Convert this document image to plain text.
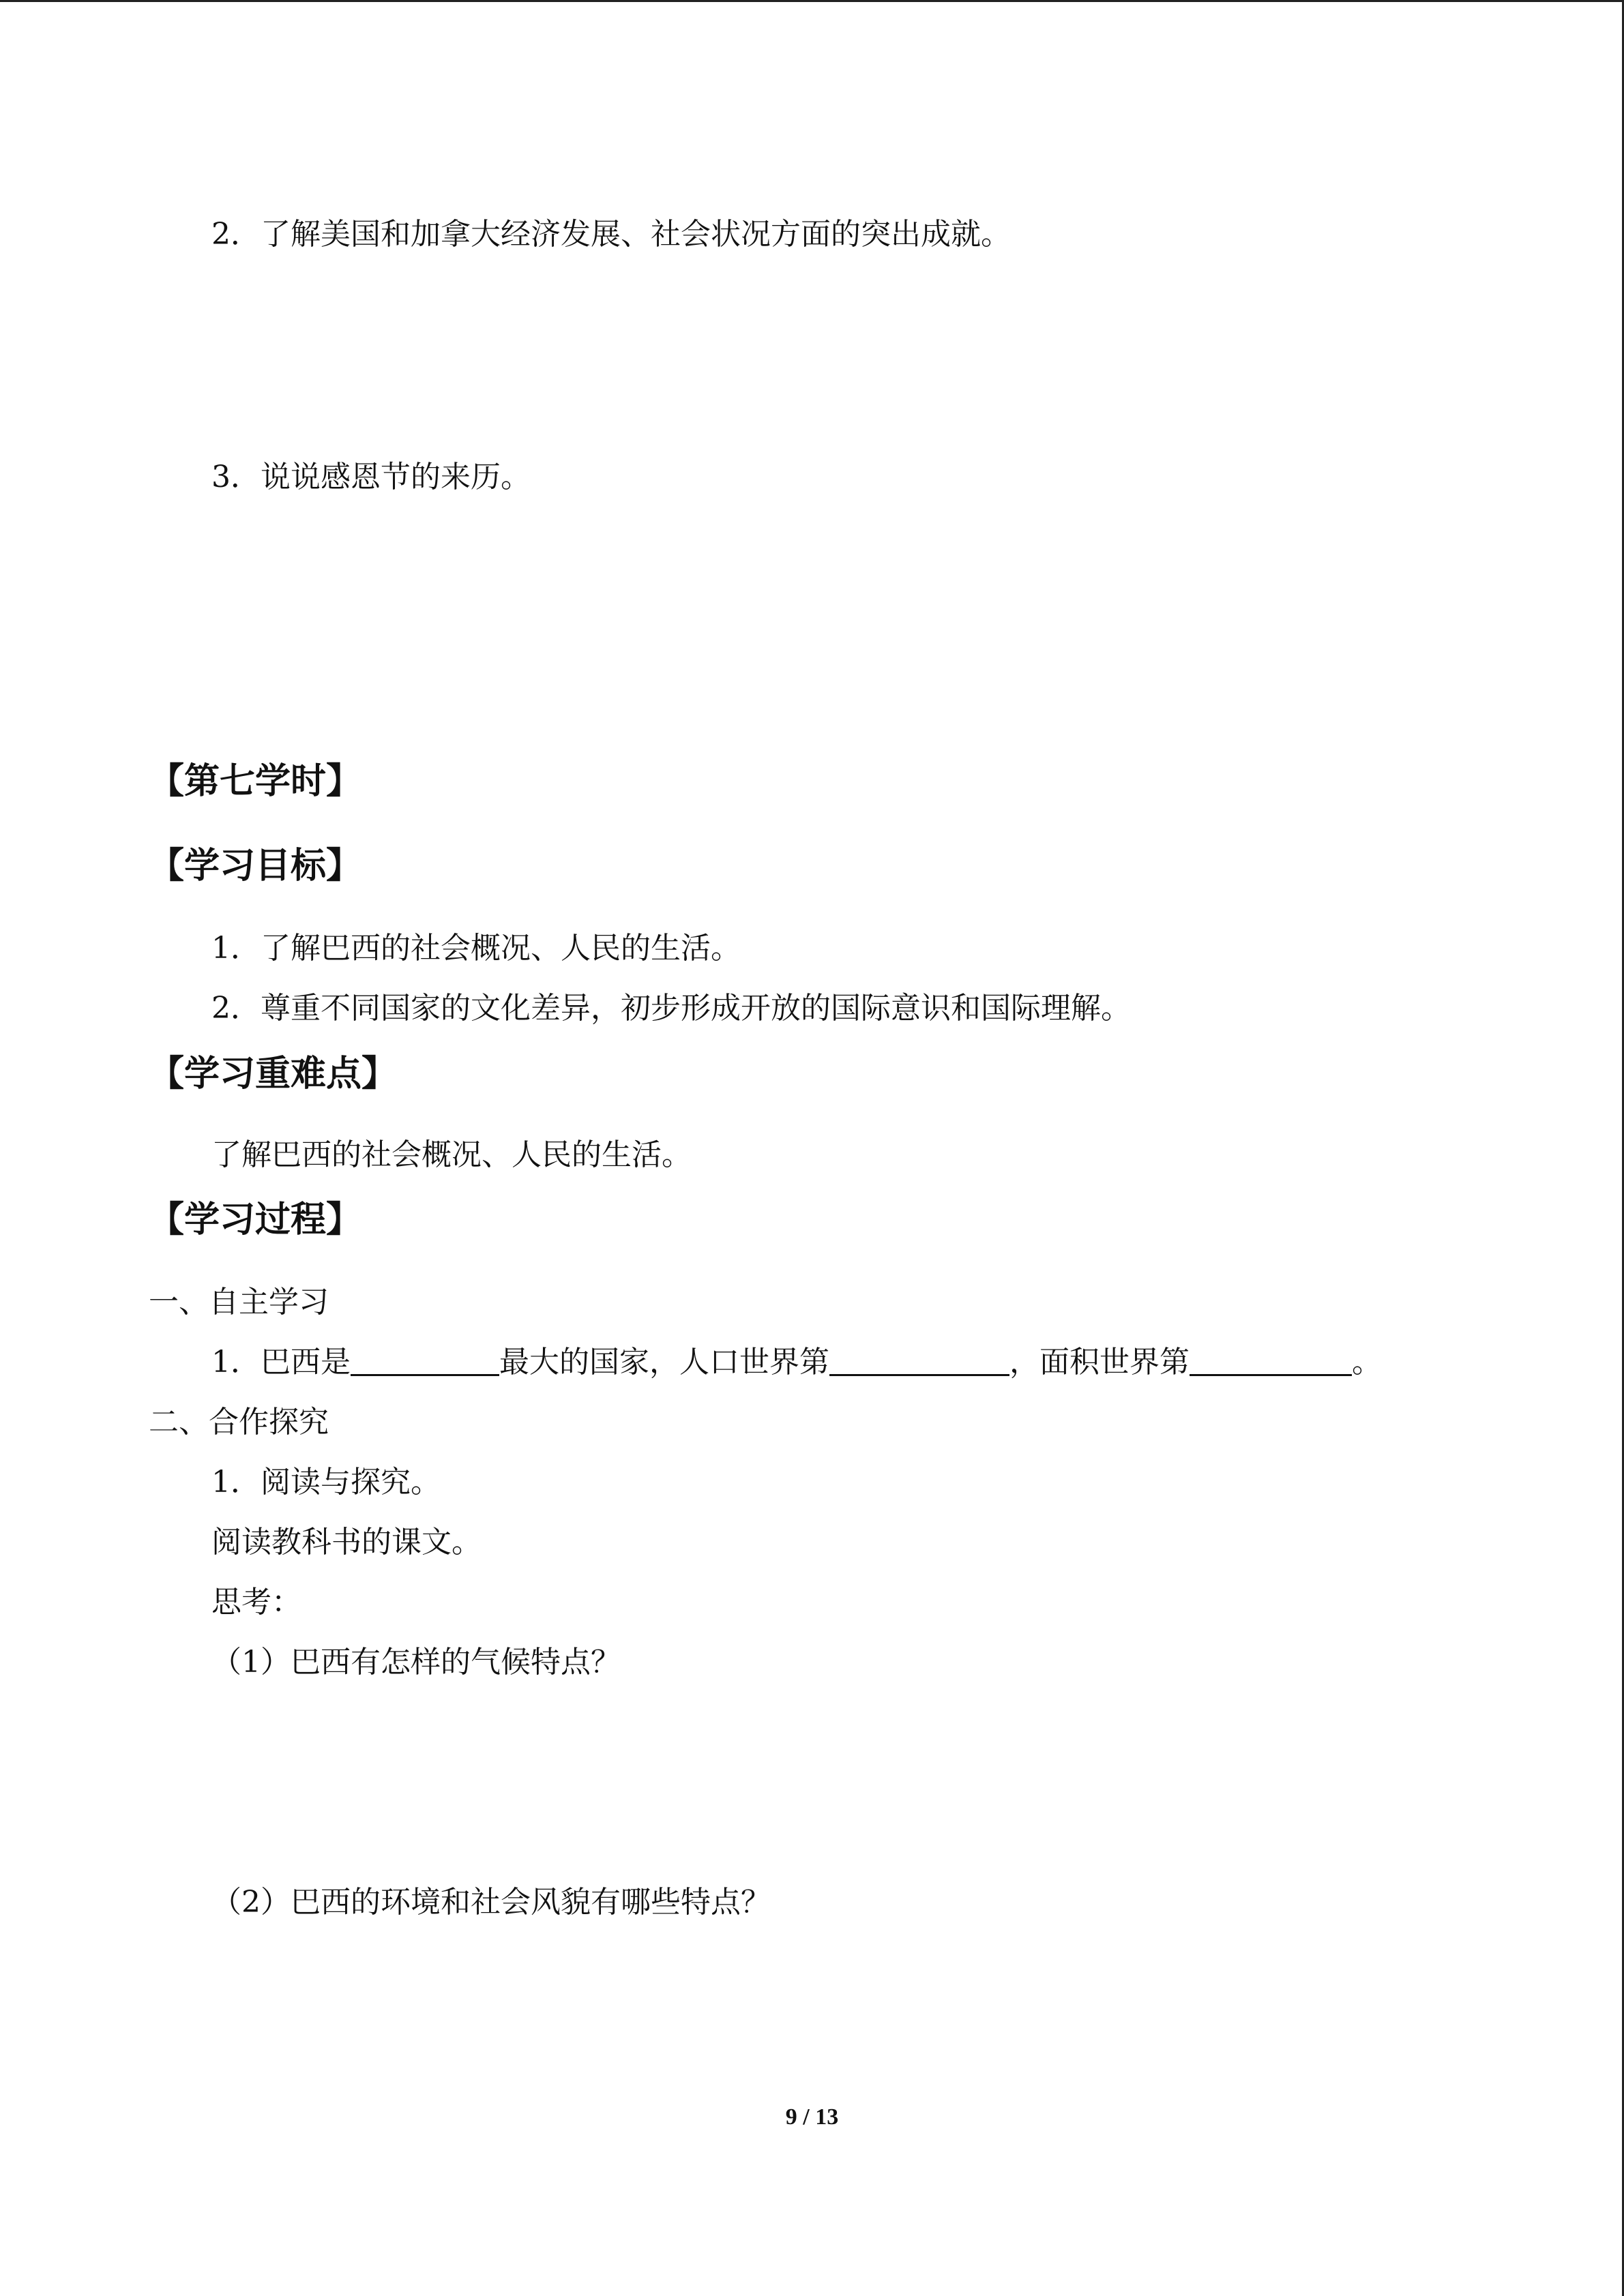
2．了解美国和加拿大经济发展、社会状况方面的突出成就。
3．说说感恩节的来历。
【第七学时】
【学习目标】
1．了解巴西的社会概况、人民的生活。
2．尊重不同国家的文化差异，初步形成开放的国际意识和国际理解。
【学习重难点】
了解巴西的社会概况、人民的生活。
【学习过程】
一、自主学习
1．巴西是	最大的国家，人口世界第	，面积世界第	。
二、合作探究
1．阅读与探究。
阅读教科书的课文。
思考：
（1）巴西有怎样的气候特点？
（2）巴西的环境和社会风貌有哪些特点？
9 / 13
